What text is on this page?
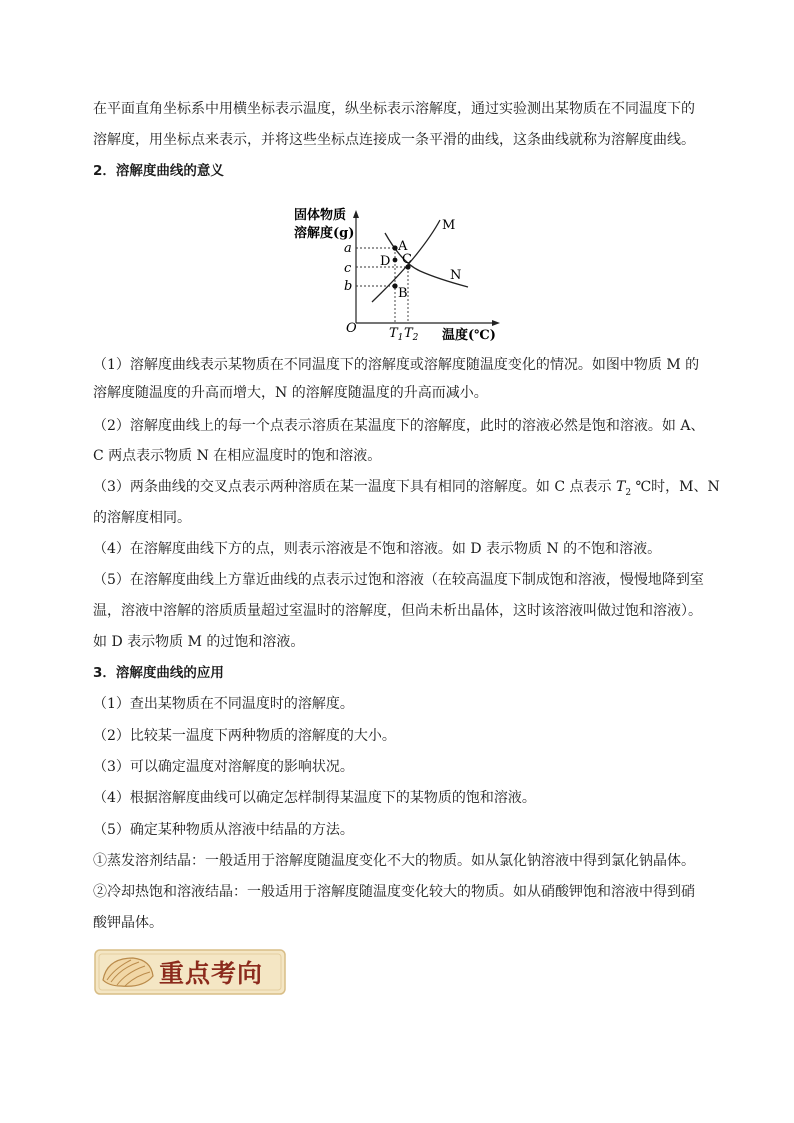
在平面直角坐标系中用横坐标表示温度，纵坐标表示溶解度，通过实验测出某物质在不同温度下的

溶解度，用坐标点来表示，并将这些坐标点连接成一条平滑的曲线，这条曲线就称为溶解度曲线。

2．溶解度曲线的意义

固体物质
溶解度(g)
O
a
c
b
M
N
A
D C
B
$T_1$ $T_2$ 温度(℃)

（1）溶解度曲线表示某物质在不同温度下的溶解度或溶解度随温度变化的情况。如图中物质 M 的

溶解度随温度的升高而增大，N 的溶解度随温度的升高而减小。

（2）溶解度曲线上的每一个点表示溶质在某温度下的溶解度，此时的溶液必然是饱和溶液。如 A、

C 两点表示物质 N 在相应温度时的饱和溶液。

（3）两条曲线的交叉点表示两种溶质在某一温度下具有相同的溶解度。如 C 点表示 $T_2$ ℃时，M、N

的溶解度相同。

（4）在溶解度曲线下方的点，则表示溶液是不饱和溶液。如 D 表示物质 N 的不饱和溶液。

（5）在溶解度曲线上方靠近曲线的点表示过饱和溶液（在较高温度下制成饱和溶液，慢慢地降到室

温，溶液中溶解的溶质质量超过室温时的溶解度，但尚未析出晶体，这时该溶液叫做过饱和溶液）。

如 D 表示物质 M 的过饱和溶液。

3．溶解度曲线的应用

（1）查出某物质在不同温度时的溶解度。

（2）比较某一温度下两种物质的溶解度的大小。

（3）可以确定温度对溶解度的影响状况。

（4）根据溶解度曲线可以确定怎样制得某温度下的某物质的饱和溶液。

（5）确定某种物质从溶液中结晶的方法。

①蒸发溶剂结晶：一般适用于溶解度随温度变化不大的物质。如从氯化钠溶液中得到氯化钠晶体。

②冷却热饱和溶液结晶：一般适用于溶解度随温度变化较大的物质。如从硝酸钾饱和溶液中得到硝

酸钾晶体。

重点考向
